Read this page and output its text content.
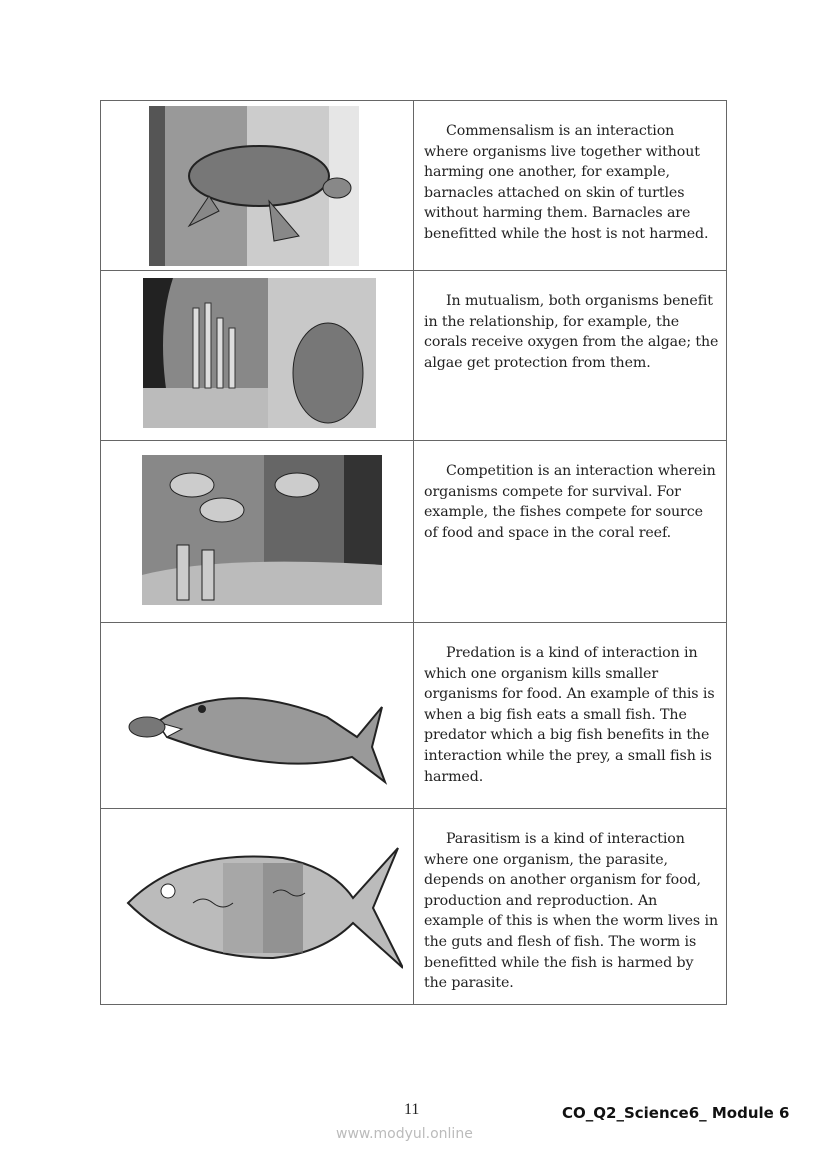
	Commensalism is an interaction where organisms live together without harming one another, for example, barnacles attached on skin of turtles without harming them. Barnacles are benefitted while the host is not harmed.

	In mutualism, both organisms benefit in the relationship, for example, the corals receive oxygen from the algae; the algae get protection from them.

	Competition is an interaction wherein organisms compete for survival. For example, the fishes compete for source of food and space in the coral reef.

	Predation is a kind of interaction in which one organism kills smaller organisms for food. An example of this is when a big fish eats a small fish. The predator which a big fish benefits in the interaction while the prey, a small fish is harmed.

	Parasitism is a kind of interaction where one organism, the parasite, depends on another organism for food, production and reproduction. An example of this is when the worm lives in the guts and flesh of fish. The worm is benefitted while the fish is harmed by the parasite.
11	CO_Q2_Science6_ Module 6
www.modyul.online
